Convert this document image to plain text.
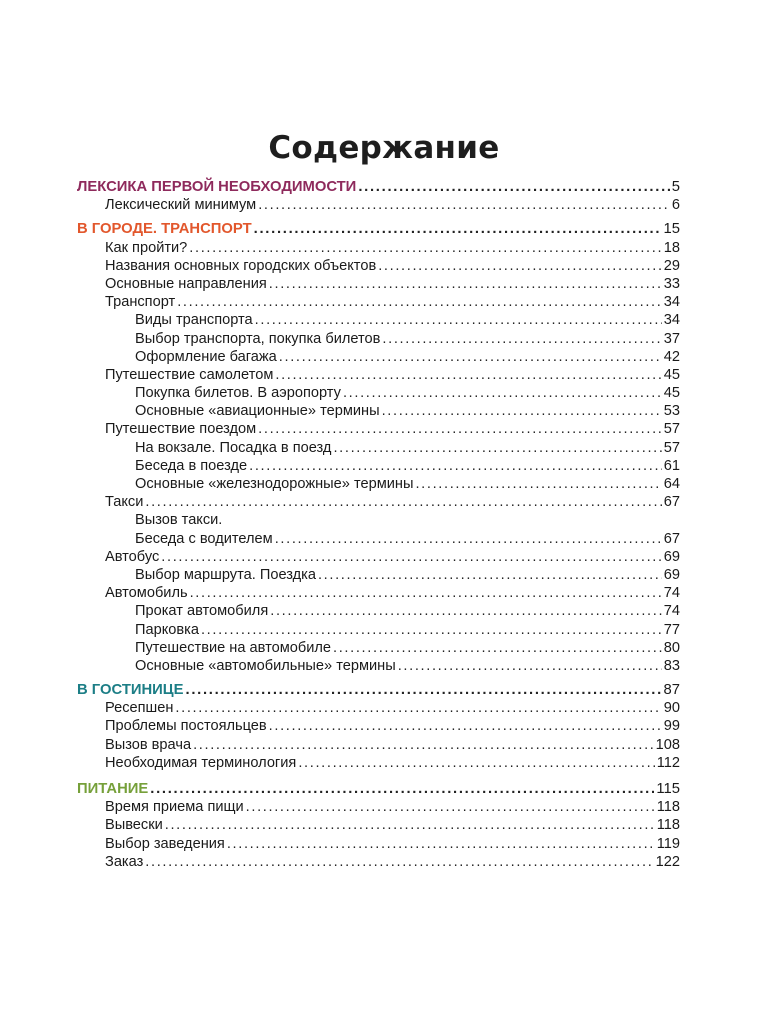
Содержание
ЛЕКСИКА ПЕРВОЙ НЕОБХОДИМОСТИ . . .	5
Лексический минимум . . .	6
В ГОРОДЕ. ТРАНСПОРТ . . .	15
Как пройти? . . .	18
Названия основных городских объектов . . .	29
Основные направления . . .	33
Транспорт . . .	34
Виды транспорта . . .	34
Выбор транспорта, покупка билетов . . .	37
Оформление багажа . . .	42
Путешествие самолетом . . .	45
Покупка билетов. В аэропорту . . .	45
Основные «авиационные» термины . . .	53
Путешествие поездом . . .	57
На вокзале. Посадка в поезд . . .	57
Беседа в поезде . . .	61
Основные «железнодорожные» термины . . .	64
Такси . . .	67
Вызов такси.
Беседа с водителем . . .	67
Автобус . . .	69
Выбор маршрута. Поездка . . .	69
Автомобиль . . .	74
Прокат автомобиля . . .	74
Парковка . . .	77
Путешествие на автомобиле . . .	80
Основные «автомобильные» термины . . .	83
В ГОСТИНИЦЕ . . .	87
Ресепшен . . .	90
Проблемы постояльцев . . .	99
Вызов врача . . .	108
Необходимая терминология . . .	112
ПИТАНИЕ . . .	115
Время приема пищи . . .	118
Вывески . . .	118
Выбор заведения . . .	119
Заказ . . .	122
